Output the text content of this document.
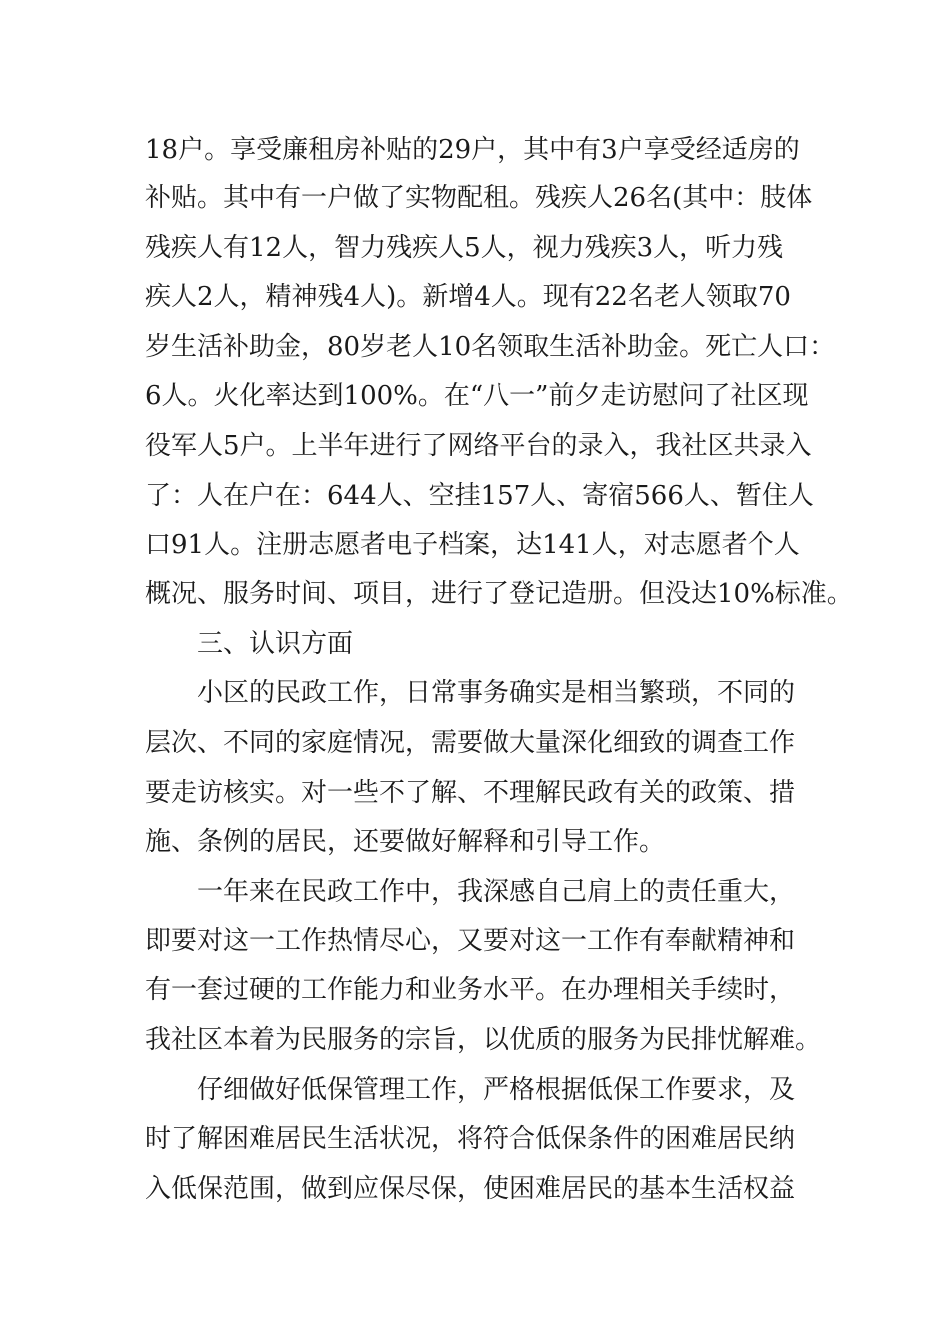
18户。享受廉租房补贴的29户，其中有3户享受经适房的
补贴。其中有一户做了实物配租。残疾人26名(其中：肢体
残疾人有12人，智力残疾人5人，视力残疾3人，听力残
疾人2人，精神残4人)。新增4人。现有22名老人领取70
岁生活补助金，80岁老人10名领取生活补助金。死亡人口：
6人。火化率达到100%。在“八一”前夕走访慰问了社区现
役军人5户。上半年进行了网络平台的录入，我社区共录入
了：人在户在：644人、空挂157人、寄宿566人、暂住人
口91人。注册志愿者电子档案，达141人，对志愿者个人
概况、服务时间、项目，进行了登记造册。但没达10%标准。
三、认识方面
小区的民政工作，日常事务确实是相当繁琐，不同的
层次、不同的家庭情况，需要做大量深化细致的调查工作
要走访核实。对一些不了解、不理解民政有关的政策、措
施、条例的居民，还要做好解释和引导工作。
一年来在民政工作中，我深感自己肩上的责任重大，
即要对这一工作热情尽心，又要对这一工作有奉献精神和
有一套过硬的工作能力和业务水平。在办理相关手续时，
我社区本着为民服务的宗旨，以优质的服务为民排忧解难。
仔细做好低保管理工作，严格根据低保工作要求，及
时了解困难居民生活状况，将符合低保条件的困难居民纳
入低保范围，做到应保尽保，使困难居民的基本生活权益
